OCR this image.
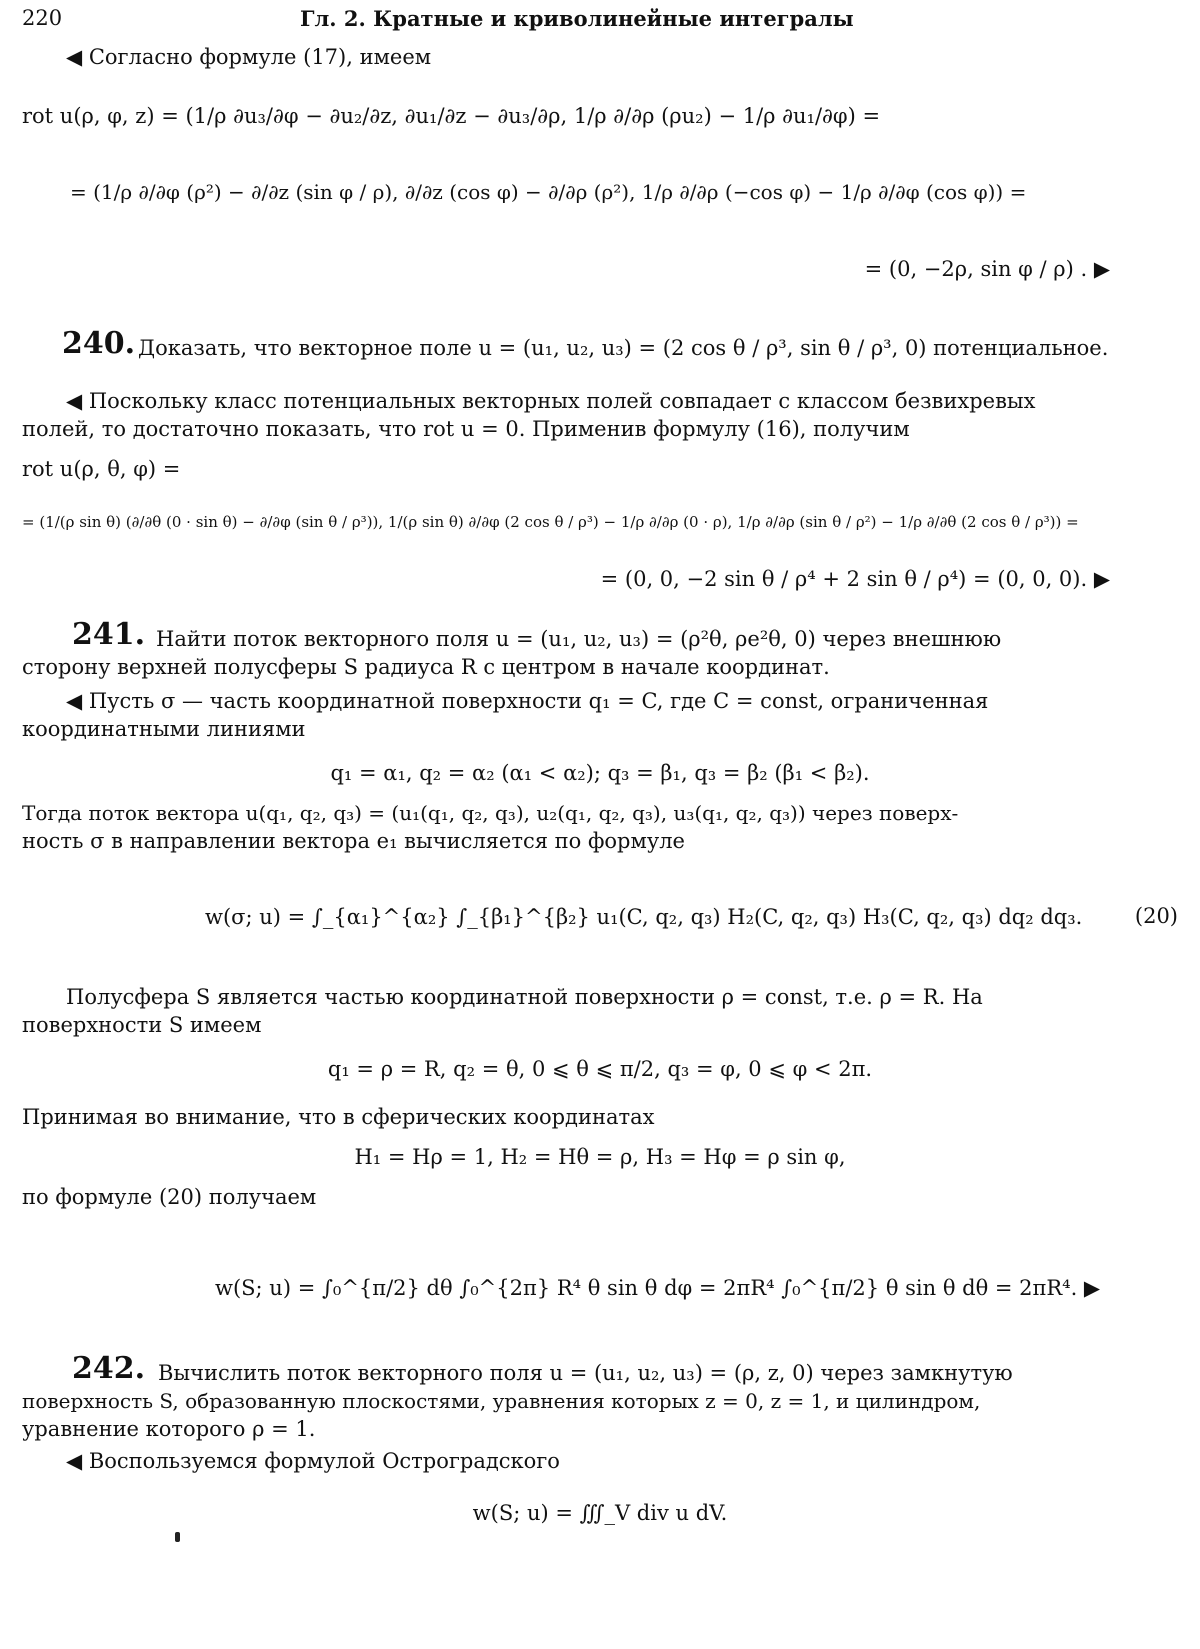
220	Гл. 2. Кратные и криволинейные интегралы
◀ Согласно формуле (17), имеем
rot u(ρ, φ, z) = (1/ρ ∂u₃/∂φ − ∂u₂/∂z, ∂u₁/∂z − ∂u₃/∂ρ, 1/ρ ∂/∂ρ (ρu₂) − 1/ρ ∂u₁/∂φ) =
= (1/ρ ∂/∂φ (ρ²) − ∂/∂z (sin φ / ρ), ∂/∂z (cos φ) − ∂/∂ρ (ρ²), 1/ρ ∂/∂ρ (−cos φ) − 1/ρ ∂/∂φ (cos φ)) =
= (0, −2ρ, sin φ / ρ) . ▶
240. Доказать, что векторное поле u = (u₁, u₂, u₃) = (2 cos θ / ρ³, sin θ / ρ³, 0) потенциальное.
◀ Поскольку класс потенциальных векторных полей совпадает с классом безвихревых
полей, то достаточно показать, что rot u = 0. Применив формулу (16), получим
rot u(ρ, θ, φ) =
= (1/(ρ sin θ) (∂/∂θ (0 · sin θ) − ∂/∂φ (sin θ / ρ³)), 1/(ρ sin θ) ∂/∂φ (2 cos θ / ρ³) − 1/ρ ∂/∂ρ (0 · ρ), 1/ρ ∂/∂ρ (sin θ / ρ²) − 1/ρ ∂/∂θ (2 cos θ / ρ³)) =
= (0, 0, −2 sin θ / ρ⁴ + 2 sin θ / ρ⁴) = (0, 0, 0). ▶
241. Найти поток векторного поля u = (u₁, u₂, u₃) = (ρ²θ, ρe²θ, 0) через внешнюю
сторону верхней полусферы S радиуса R с центром в начале координат.
◀ Пусть σ — часть координатной поверхности q₁ = C, где C = const, ограниченная
координатными линиями
q₁ = α₁, q₂ = α₂ (α₁ < α₂); q₃ = β₁, q₃ = β₂ (β₁ < β₂).
Тогда поток вектора u(q₁, q₂, q₃) = (u₁(q₁, q₂, q₃), u₂(q₁, q₂, q₃), u₃(q₁, q₂, q₃)) через поверх-
ность σ в направлении вектора e₁ вычисляется по формуле
w(σ; u) = ∫_{α₁}^{α₂} ∫_{β₁}^{β₂} u₁(C, q₂, q₃) H₂(C, q₂, q₃) H₃(C, q₂, q₃) dq₂ dq₃.	(20)
Полусфера S является частью координатной поверхности ρ = const, т.е. ρ = R. На
поверхности S имеем
q₁ = ρ = R, q₂ = θ, 0 ⩽ θ ⩽ π/2, q₃ = φ, 0 ⩽ φ < 2π.
Принимая во внимание, что в сферических координатах
H₁ = Hρ = 1, H₂ = Hθ = ρ, H₃ = Hφ = ρ sin φ,
по формуле (20) получаем
w(S; u) = ∫₀^{π/2} dθ ∫₀^{2π} R⁴ θ sin θ dφ = 2πR⁴ ∫₀^{π/2} θ sin θ dθ = 2πR⁴. ▶
242. Вычислить поток векторного поля u = (u₁, u₂, u₃) = (ρ, z, 0) через замкнутую
поверхность S, образованную плоскостями, уравнения которых z = 0, z = 1, и цилиндром,
уравнение которого ρ = 1.
◀ Воспользуемся формулой Остроградского
w(S; u) = ∭_V div u dV.
